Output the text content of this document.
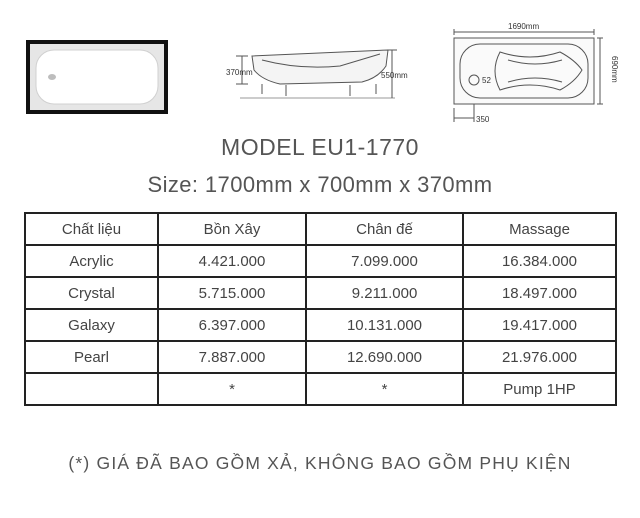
370mm	550mm
1690mm
690mm
52
350
MODEL EU1-1770
Size: 1700mm x 700mm x 370mm
Chất liệu	Bồn Xây	Chân đế	Massage
Acrylic	4.421.000	7.099.000	16.384.000
Crystal	5.715.000	9.211.000	18.497.000
Galaxy	6.397.000	10.131.000	19.417.000
Pearl	7.887.000	12.690.000	21.976.000
	*	*	Pump 1HP
(*) GIÁ ĐÃ BAO GỒM XẢ, KHÔNG BAO GỒM PHỤ KIỆN
